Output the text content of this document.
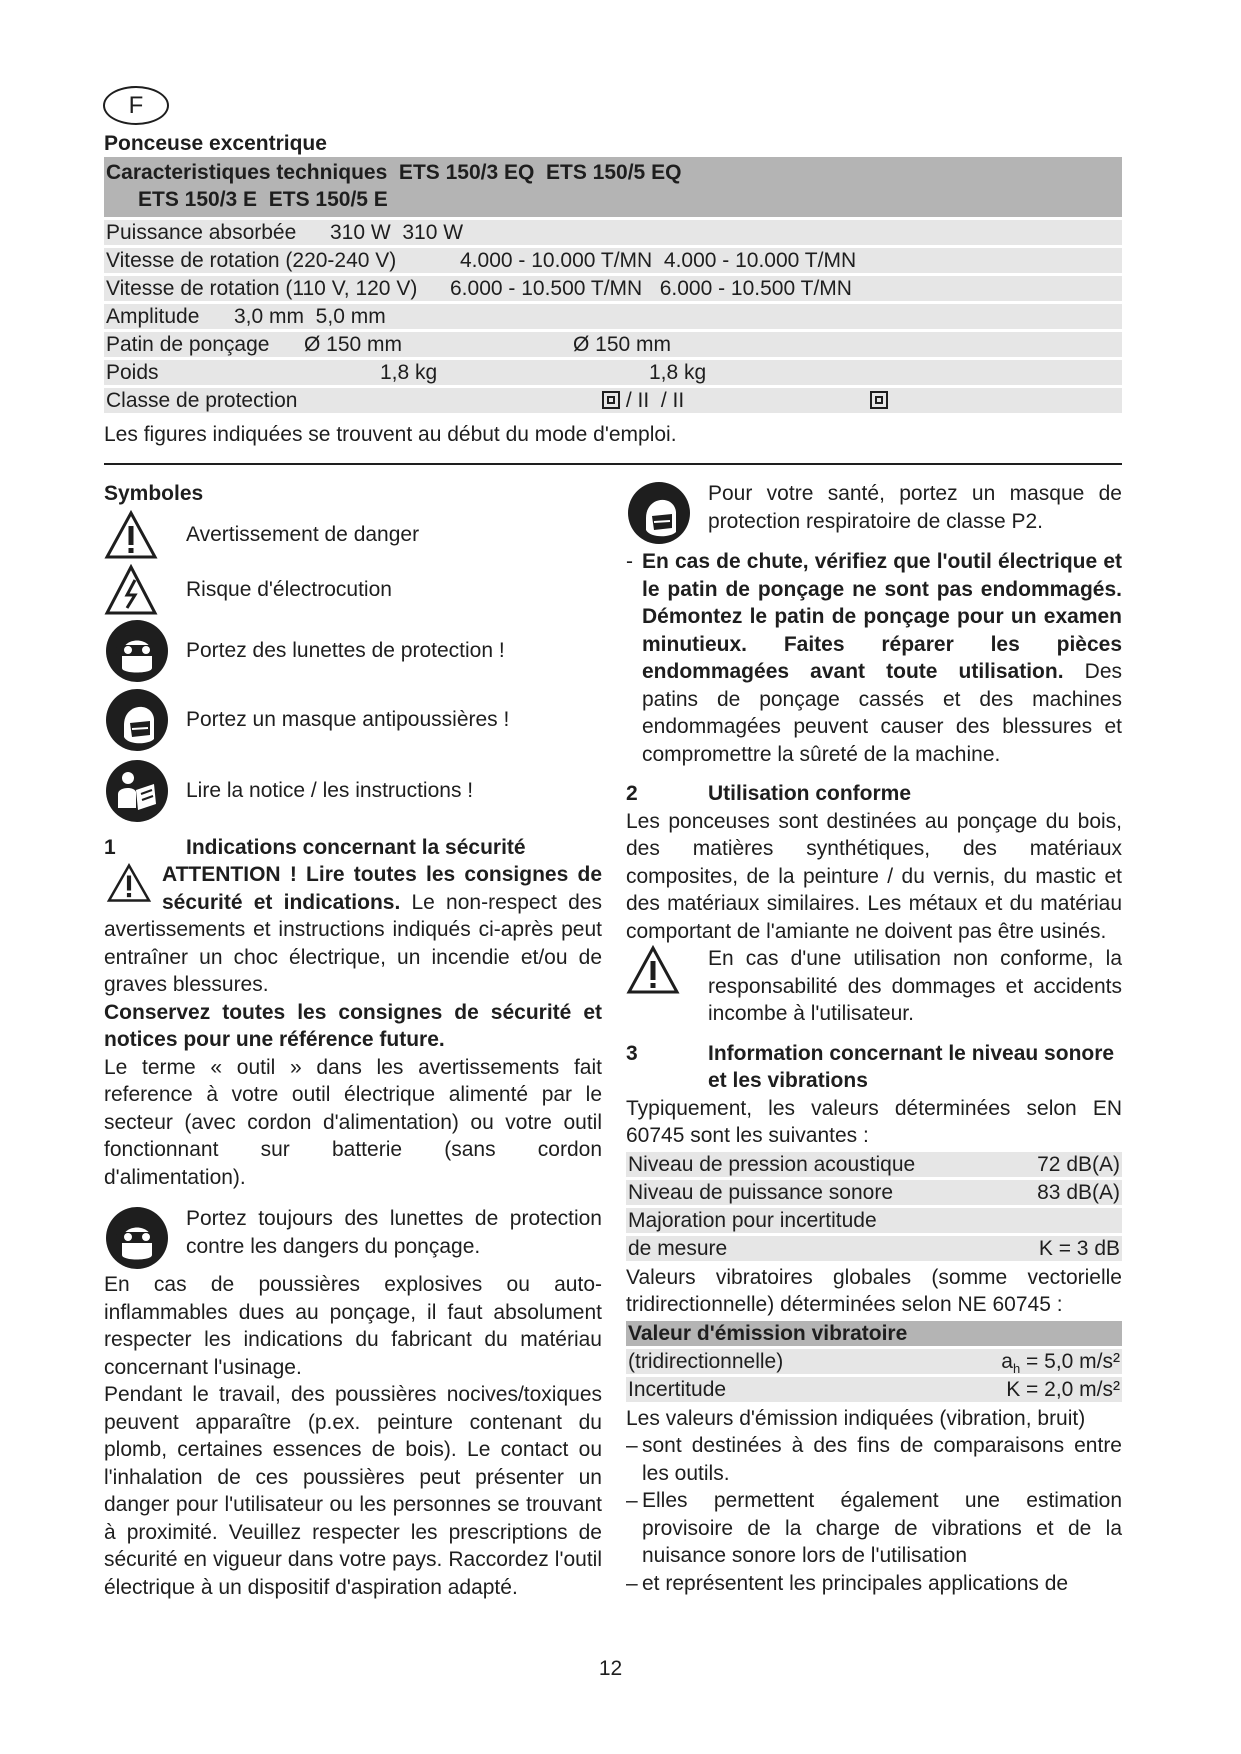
F
Ponceuse excentrique
Caracteristiques techniques  ETS 150/3 EQ  ETS 150/5 EQ
ETS 150/3 E  ETS 150/5 E
Puissance absorbée 310 W  310 W
Vitesse de rotation (220-240 V)	4.000 - 10.000 T/MN  4.000 - 10.000 T/MN
Vitesse de rotation (110 V, 120 V) 6.000 - 10.500 T/MN   6.000 - 10.500 T/MN
Amplitude 3,0 mm  5,0 mm
Patin de ponçage Ø 150 mm	Ø 150 mm
Poids	1,8 kg	1,8 kg
Classe de protection	/ II  / II
Les figures indiquées se trouvent au début du mode d'emploi.

Symboles

Avertissement de danger
Risque d'électrocution
Portez des lunettes de protection !
Portez un masque antipoussières !
Lire la notice / les instructions !
1	Indications concernant la sécurité

ATTENTION ! Lire toutes les consignes de sécurité et indications. Le non-respect des avertissements et instructions indiqués ci-après peut entraîner un choc électrique, un incendie et/ou de graves blessures.

Conservez toutes les consignes de sécurité et notices pour une référence future.

Le terme « outil » dans les avertissements fait reference à votre outil électrique alimenté par le secteur (avec cordon d'alimentation) ou votre outil fonctionnant sur batterie (sans cordon d'alimentation).

Portez toujours des lunettes de protection contre les dangers du ponçage.

En cas de poussières explosives ou auto-inflammables dues au ponçage, il faut absolument respecter les indications du fabricant du matériau concernant l'usinage.

Pendant le travail, des poussières nocives/toxiques peuvent apparaître (p.ex. peinture contenant du plomb, certaines essences de bois). Le contact ou l'inhalation de ces poussières peut présenter un danger pour l'utilisateur ou les personnes se trouvant à proximité. Veuillez respecter les prescriptions de sécurité en vigueur dans votre pays. Raccordez l'outil électrique à un dispositif d'aspiration adapté.

Pour votre santé, portez un masque de protection respiratoire de classe P2.
- En cas de chute, vérifiez que l'outil électrique et le patin de ponçage ne sont pas endommagés. Démontez le patin de ponçage pour un examen minutieux. Faites réparer les pièces endommagées avant toute utilisation. Des patins de ponçage cassés et des machines endommagées peuvent causer des blessures et compromettre la sûreté de la machine.

2	Utilisation conforme

Les ponceuses sont destinées au ponçage du bois, des matières synthétiques, des matériaux composites, de la peinture / du vernis, du mastic et des matériaux similaires. Les métaux et du matériau comportant de l'amiante ne doivent pas être usinés.

En cas d'une utilisation non conforme, la responsabilité des dommages et accidents incombe à l'utilisateur.
3	Information concernant le niveau sonore et les vibrations

Typiquement, les valeurs déterminées selon EN 60745 sont les suivantes :

Niveau de pression acoustique	72 dB(A)
Niveau de puissance sonore	83 dB(A)
Majoration pour incertitude
de mesure	K = 3 dB

Valeurs vibratoires globales (somme vectorielle tridirectionnelle) déterminées selon NE 60745 :

Valeur d'émission vibratoire
(tridirectionnelle)	$a_h = 5,0$ m/s²
Incertitude	K = 2,0 m/s²

Les valeurs d'émission indiquées (vibration, bruit)

– sont destinées à des fins de comparaisons entre les outils.

– Elles permettent également une estimation provisoire de la charge de vibrations et de la nuisance sonore lors de l'utilisation

– et représentent les principales applications de

12
